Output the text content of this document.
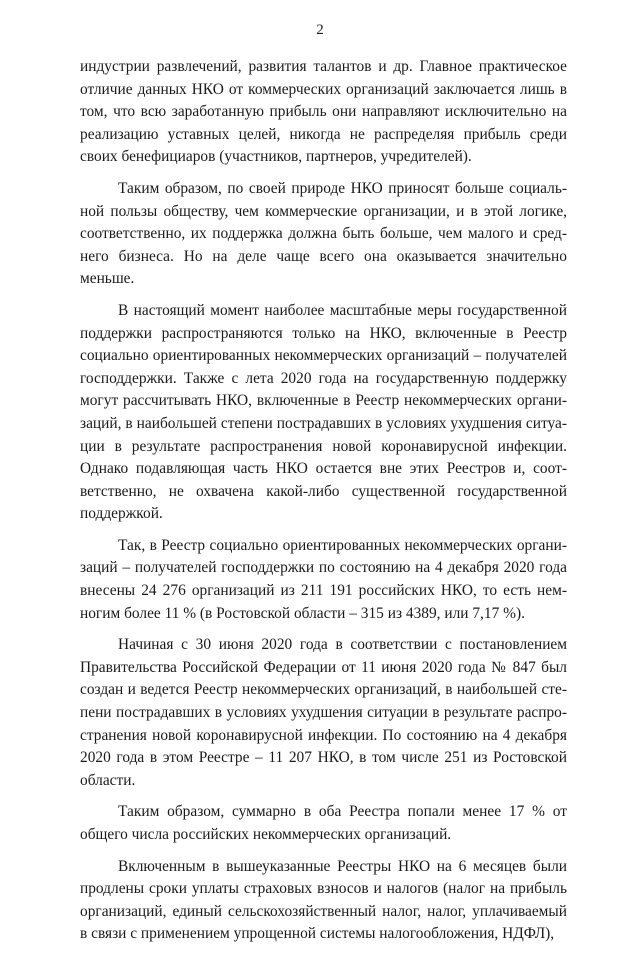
2

индустрии развлечений, развития талантов и др. Главное практическое отличие данных НКО от коммерческих организаций заключается лишь в том, что всю заработанную прибыль они направляют исключительно на реализацию уставных целей, никогда не распределяя прибыль среди своих бенефициаров (участников, партнеров, учредителей).

Таким образом, по своей природе НКО приносят больше социальной пользы обществу, чем коммерческие организации, и в этой логике, соответственно, их поддержка должна быть больше, чем малого и среднего бизнеса. Но на деле чаще всего она оказывается значительно меньше.

В настоящий момент наиболее масштабные меры государственной поддержки распространяются только на НКО, включенные в Реестр социально ориентированных некоммерческих организаций – получателей господдержки. Также с лета 2020 года на государственную поддержку могут рассчитывать НКО, включенные в Реестр некоммерческих организаций, в наибольшей степени пострадавших в условиях ухудшения ситуации в результате распространения новой коронавирусной инфекции. Однако подавляющая часть НКО остается вне этих Реестров и, соответственно, не охвачена какой-либо существенной государственной поддержкой.

Так, в Реестр социально ориентированных некоммерческих организаций – получателей господдержки по состоянию на 4 декабря 2020 года внесены 24 276 организаций из 211 191 российских НКО, то есть немногим более 11 % (в Ростовской области – 315 из 4389, или 7,17 %).

Начиная с 30 июня 2020 года в соответствии с постановлением Правительства Российской Федерации от 11 июня 2020 года № 847 был создан и ведется Реестр некоммерческих организаций, в наибольшей степени пострадавших в условиях ухудшения ситуации в результате распространения новой коронавирусной инфекции. По состоянию на 4 декабря 2020 года в этом Реестре – 11 207 НКО, в том числе 251 из Ростовской области.

Таким образом, суммарно в оба Реестра попали менее 17 % от общего числа российских некоммерческих организаций.

Включенным в вышеуказанные Реестры НКО на 6 месяцев были продлены сроки уплаты страховых взносов и налогов (налог на прибыль организаций, единый сельскохозяйственный налог, налог, уплачиваемый в связи с применением упрощенной системы налогообложения, НДФЛ),
